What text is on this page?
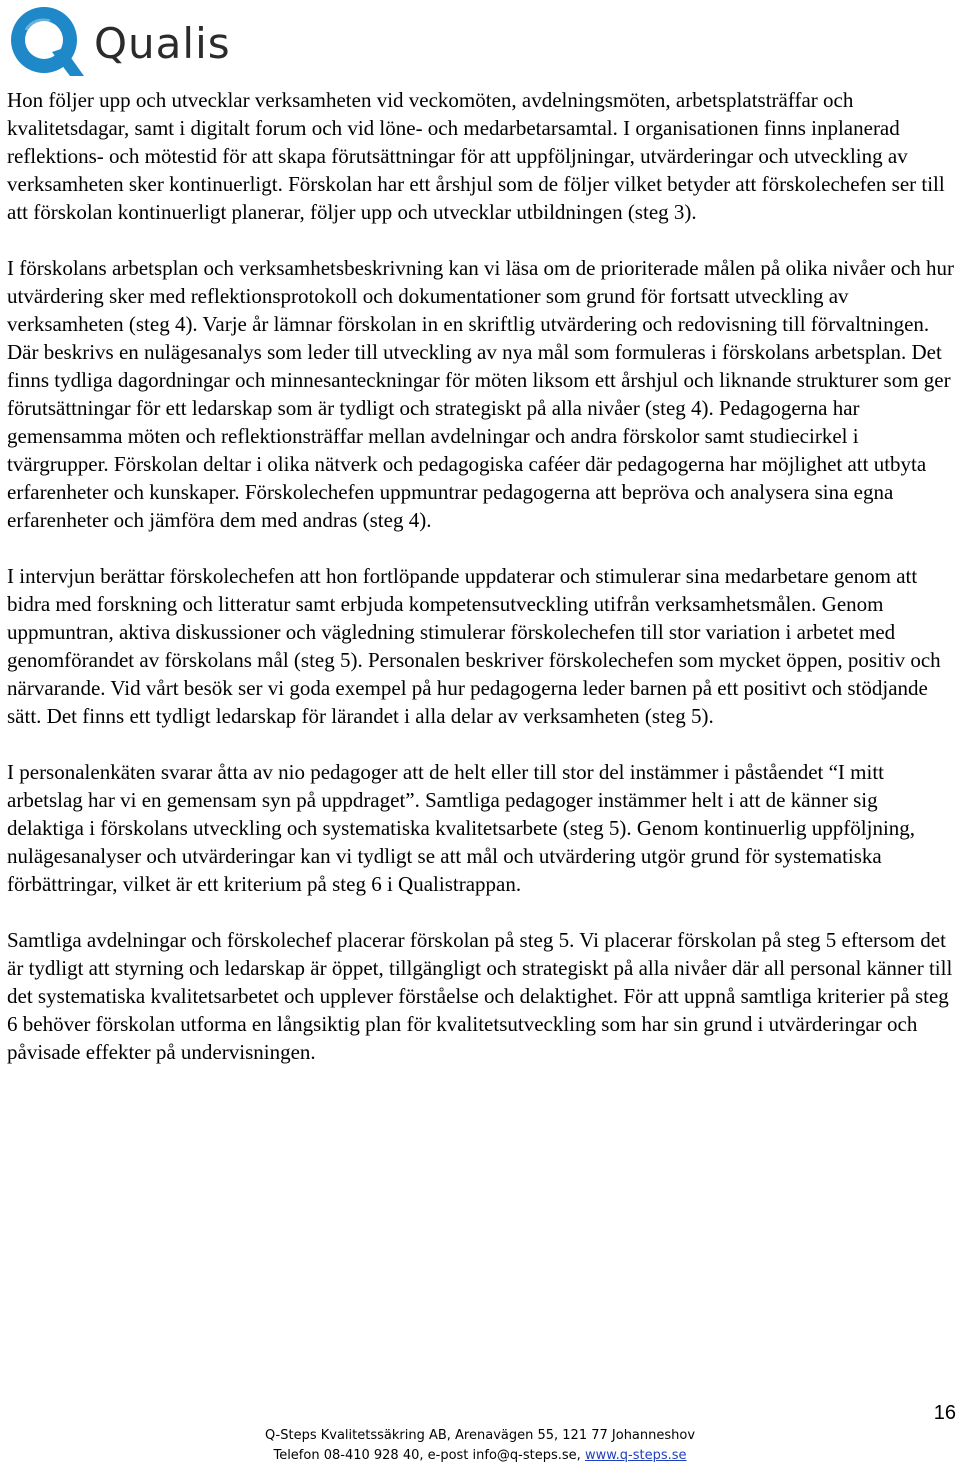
Qualis

Hon följer upp och utvecklar verksamheten vid veckomöten, avdelningsmöten, arbetsplatsträffar och kvalitetsdagar, samt i digitalt forum och vid löne- och medarbetarsamtal. I organisationen finns inplanerad reflektions- och mötestid för att skapa förutsättningar för att uppföljningar, utvärderingar och utveckling av verksamheten sker kontinuerligt. Förskolan har ett årshjul som de följer vilket betyder att förskolechefen ser till att förskolan kontinuerligt planerar, följer upp och utvecklar utbildningen (steg 3).

I förskolans arbetsplan och verksamhetsbeskrivning kan vi läsa om de prioriterade målen på olika nivåer och hur utvärdering sker med reflektionsprotokoll och dokumentationer som grund för fortsatt utveckling av verksamheten (steg 4). Varje år lämnar förskolan in en skriftlig utvärdering och redovisning till förvaltningen. Där beskrivs en nulägesanalys som leder till utveckling av nya mål som formuleras i förskolans arbetsplan. Det finns tydliga dagordningar och minnesanteckningar för möten liksom ett årshjul och liknande strukturer som ger förutsättningar för ett ledarskap som är tydligt och strategiskt på alla nivåer (steg 4). Pedagogerna har gemensamma möten och reflektionsträffar mellan avdelningar och andra förskolor samt studiecirkel i tvärgrupper. Förskolan deltar i olika nätverk och pedagogiska caféer där pedagogerna har möjlighet att utbyta erfarenheter och kunskaper. Förskolechefen uppmuntrar pedagogerna att bepröva och analysera sina egna erfarenheter och jämföra dem med andras (steg 4).

I intervjun berättar förskolechefen att hon fortlöpande uppdaterar och stimulerar sina medarbetare genom att bidra med forskning och litteratur samt erbjuda kompetensutveckling utifrån verksamhetsmålen. Genom uppmuntran, aktiva diskussioner och vägledning stimulerar förskolechefen till stor variation i arbetet med genomförandet av förskolans mål (steg 5). Personalen beskriver förskolechefen som mycket öppen, positiv och närvarande. Vid vårt besök ser vi goda exempel på hur pedagogerna leder barnen på ett positivt och stödjande sätt. Det finns ett tydligt ledarskap för lärandet i alla delar av verksamheten (steg 5).

I personalenkäten svarar åtta av nio pedagoger att de helt eller till stor del instämmer i påståendet “I mitt arbetslag har vi en gemensam syn på uppdraget”. Samtliga pedagoger instämmer helt i att de känner sig delaktiga i förskolans utveckling och systematiska kvalitetsarbete (steg 5). Genom kontinuerlig uppföljning, nulägesanalyser och utvärderingar kan vi tydligt se att mål och utvärdering utgör grund för systematiska förbättringar, vilket är ett kriterium på steg 6 i Qualistrappan.

Samtliga avdelningar och förskolechef placerar förskolan på steg 5. Vi placerar förskolan på steg 5 eftersom det är tydligt att styrning och ledarskap är öppet, tillgängligt och strategiskt på alla nivåer där all personal känner till det systematiska kvalitetsarbetet och upplever förståelse och delaktighet. För att uppnå samtliga kriterier på steg 6 behöver förskolan utforma en långsiktig plan för kvalitetsutveckling som har sin grund i utvärderingar och påvisade effekter på undervisningen.

16
Q-Steps Kvalitetssäkring AB, Arenavägen 55, 121 77 Johanneshov
Telefon 08-410 928 40, e-post info@q-steps.se, www.q-steps.se
